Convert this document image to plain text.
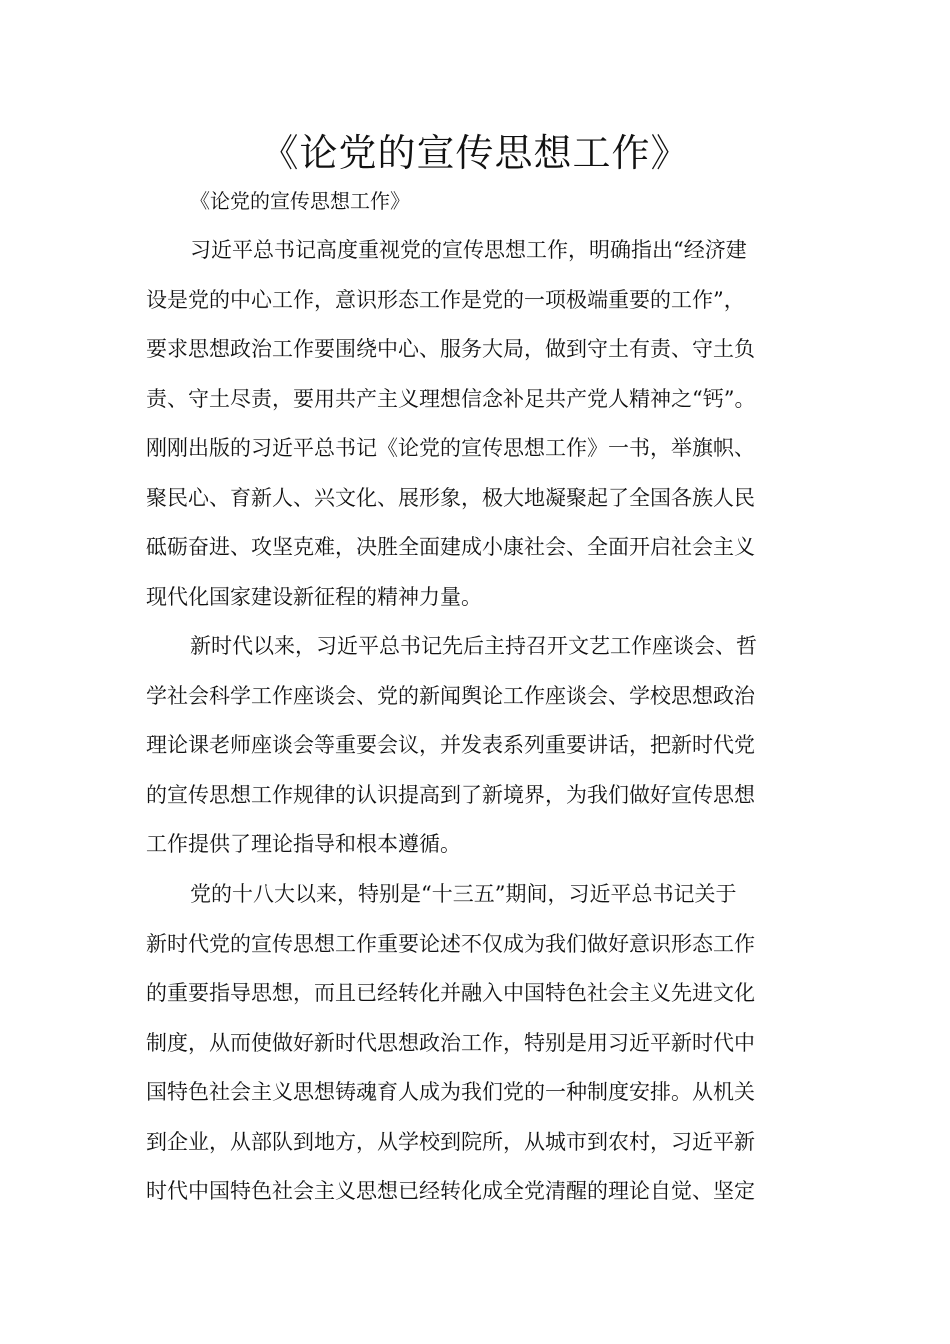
《论党的宣传思想工作》

《论党的宣传思想工作》

习近平总书记高度重视党的宣传思想工作，明确指出“经济建
设是党的中心工作，意识形态工作是党的一项极端重要的工作”，
要求思想政治工作要围绕中心、服务大局，做到守土有责、守土负
责、守土尽责，要用共产主义理想信念补足共产党人精神之“钙”。
刚刚出版的习近平总书记《论党的宣传思想工作》一书，举旗帜、
聚民心、育新人、兴文化、展形象，极大地凝聚起了全国各族人民
砥砺奋进、攻坚克难，决胜全面建成小康社会、全面开启社会主义
现代化国家建设新征程的精神力量。

新时代以来，习近平总书记先后主持召开文艺工作座谈会、哲
学社会科学工作座谈会、党的新闻舆论工作座谈会、学校思想政治
理论课老师座谈会等重要会议，并发表系列重要讲话，把新时代党
的宣传思想工作规律的认识提高到了新境界，为我们做好宣传思想
工作提供了理论指导和根本遵循。

党的十八大以来，特别是“十三五”期间，习近平总书记关于
新时代党的宣传思想工作重要论述不仅成为我们做好意识形态工作
的重要指导思想，而且已经转化并融入中国特色社会主义先进文化
制度，从而使做好新时代思想政治工作，特别是用习近平新时代中
国特色社会主义思想铸魂育人成为我们党的一种制度安排。从机关
到企业，从部队到地方，从学校到院所，从城市到农村，习近平新
时代中国特色社会主义思想已经转化成全党清醒的理论自觉、坚定
